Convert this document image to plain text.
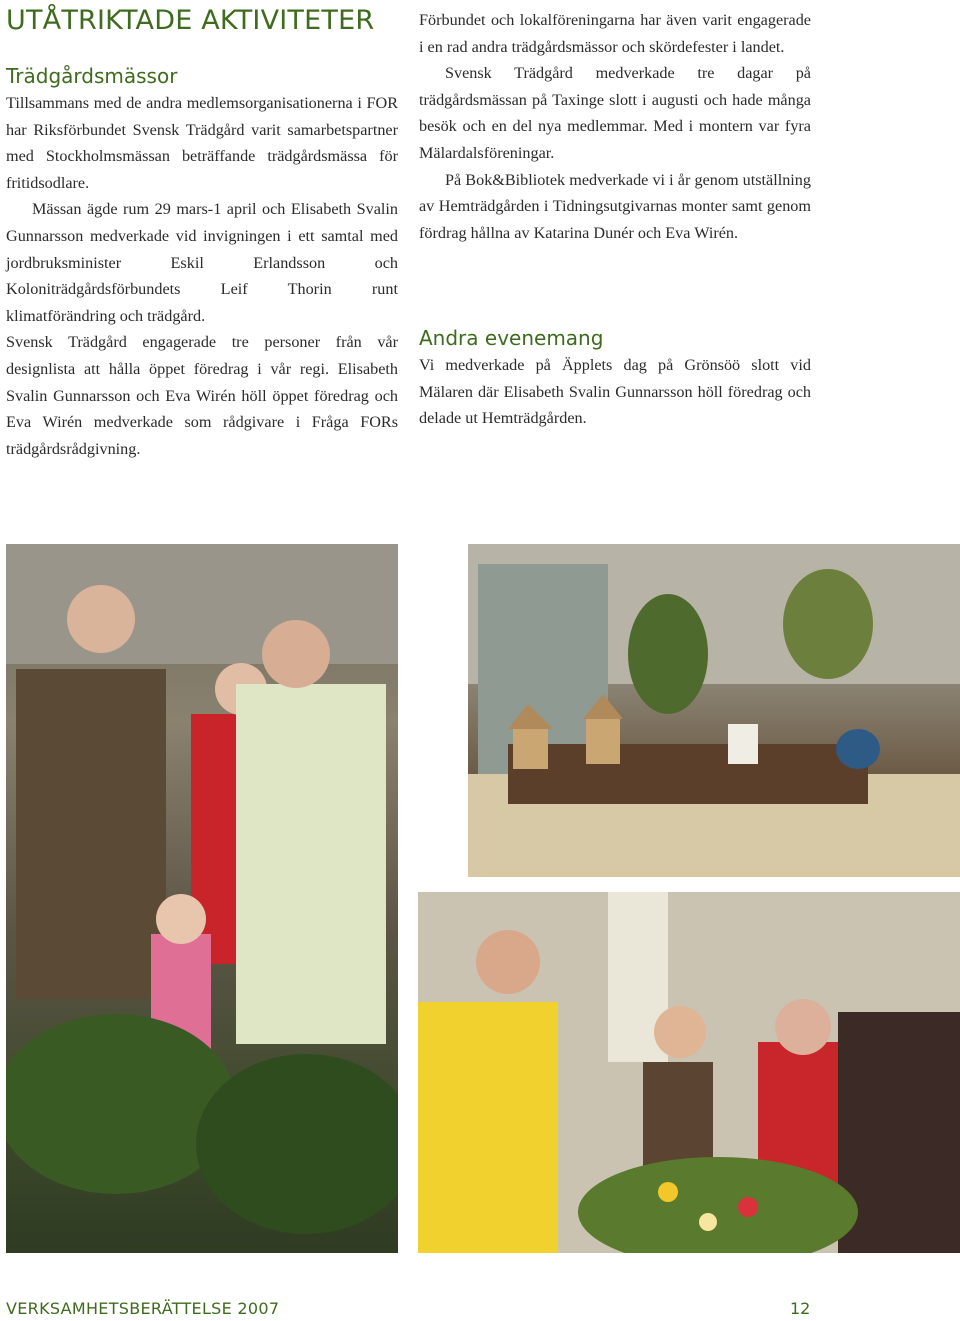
UTÅTRIKTADE AKTIVITETER
Trädgårdsmässor

Tillsammans med de andra medlemsorganisationerna i FOR har Riksförbundet Svensk Trädgård varit samarbetspartner med Stockholmsmässan beträffande trädgårdsmässa för fritidsodlare.

Mässan ägde rum 29 mars-1 april och Elisabeth Svalin Gunnarsson medverkade vid invigningen i ett samtal med jordbruksminister Eskil Erlandsson och Koloniträdgårdsförbundets Leif Thorin runt klimatförändring och trädgård.

Svensk Trädgård engagerade tre personer från vår designlista att hålla öppet föredrag i vår regi. Elisabeth Svalin Gunnarsson och Eva Wirén höll öppet föredrag och Eva Wirén medverkade som rådgivare i Fråga FORs trädgårdsrådgivning.

Förbundet och lokalföreningarna har även varit engagerade i en rad andra trädgårdsmässor och skördefester i landet.

Svensk Trädgård medverkade tre dagar på trädgårdsmässan på Taxinge slott i augusti och hade många besök och en del nya medlemmar. Med i montern var fyra Mälardalsföreningar.

På Bok&Bibliotek medverkade vi i år genom utställning av Hemträdgården i Tidningsutgivarnas monter samt genom fördrag hållna av Katarina Dunér och Eva Wirén.

Andra evenemang

Vi medverkade på Äpplets dag på Grönsöö slott vid Mälaren där Elisabeth Svalin Gunnarsson höll föredrag och delade ut Hemträdgården.

VERKSAMHETSBERÄTTELSE 2007	12
